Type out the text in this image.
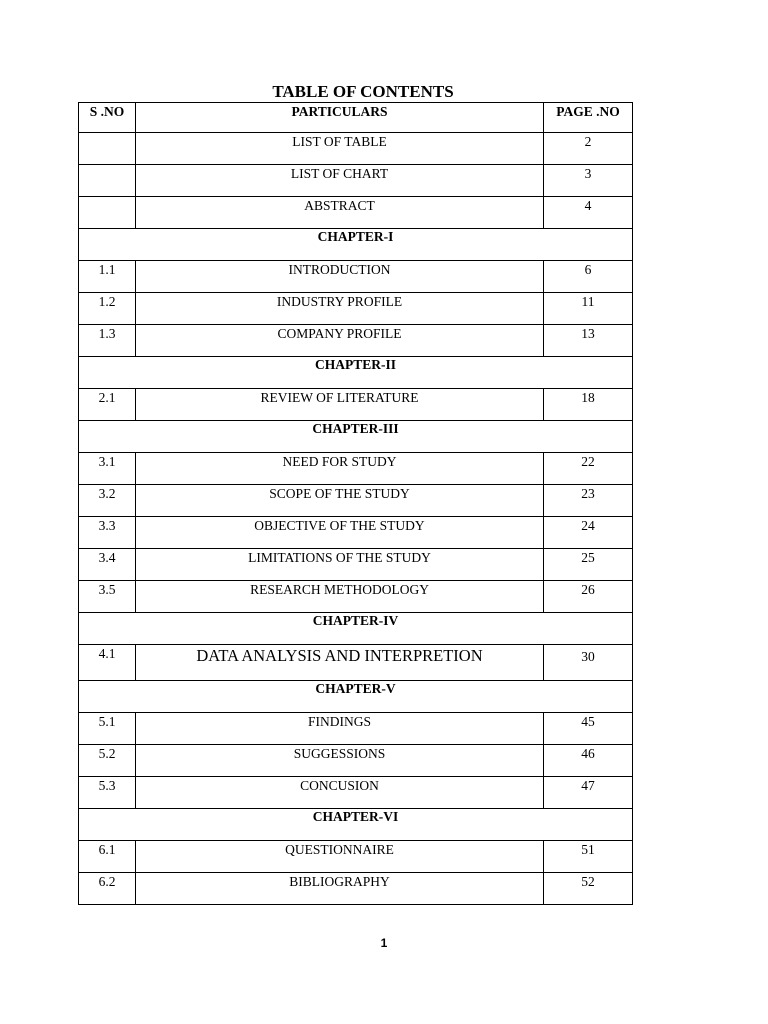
TABLE OF CONTENTS
S .NO	PARTICULARS	PAGE .NO
	LIST OF TABLE	2
	LIST OF CHART	3
	ABSTRACT	4
CHAPTER-I		
1.1	INTRODUCTION	6
1.2	INDUSTRY PROFILE	11
1.3	COMPANY PROFILE	13
CHAPTER-II		
2.1	REVIEW OF LITERATURE	18
CHAPTER-III		
3.1	NEED FOR STUDY	22
3.2	SCOPE OF THE STUDY	23
3.3	OBJECTIVE OF THE STUDY	24
3.4	LIMITATIONS OF THE STUDY	25
3.5	RESEARCH METHODOLOGY	26
CHAPTER-IV		
4.1	DATA ANALYSIS AND INTERPRETION	30
CHAPTER-V		
5.1	FINDINGS	45
5.2	SUGGESSIONS	46
5.3	CONCUSION	47
CHAPTER-VI		
6.1	QUESTIONNAIRE	51
6.2	BIBLIOGRAPHY	52
1
